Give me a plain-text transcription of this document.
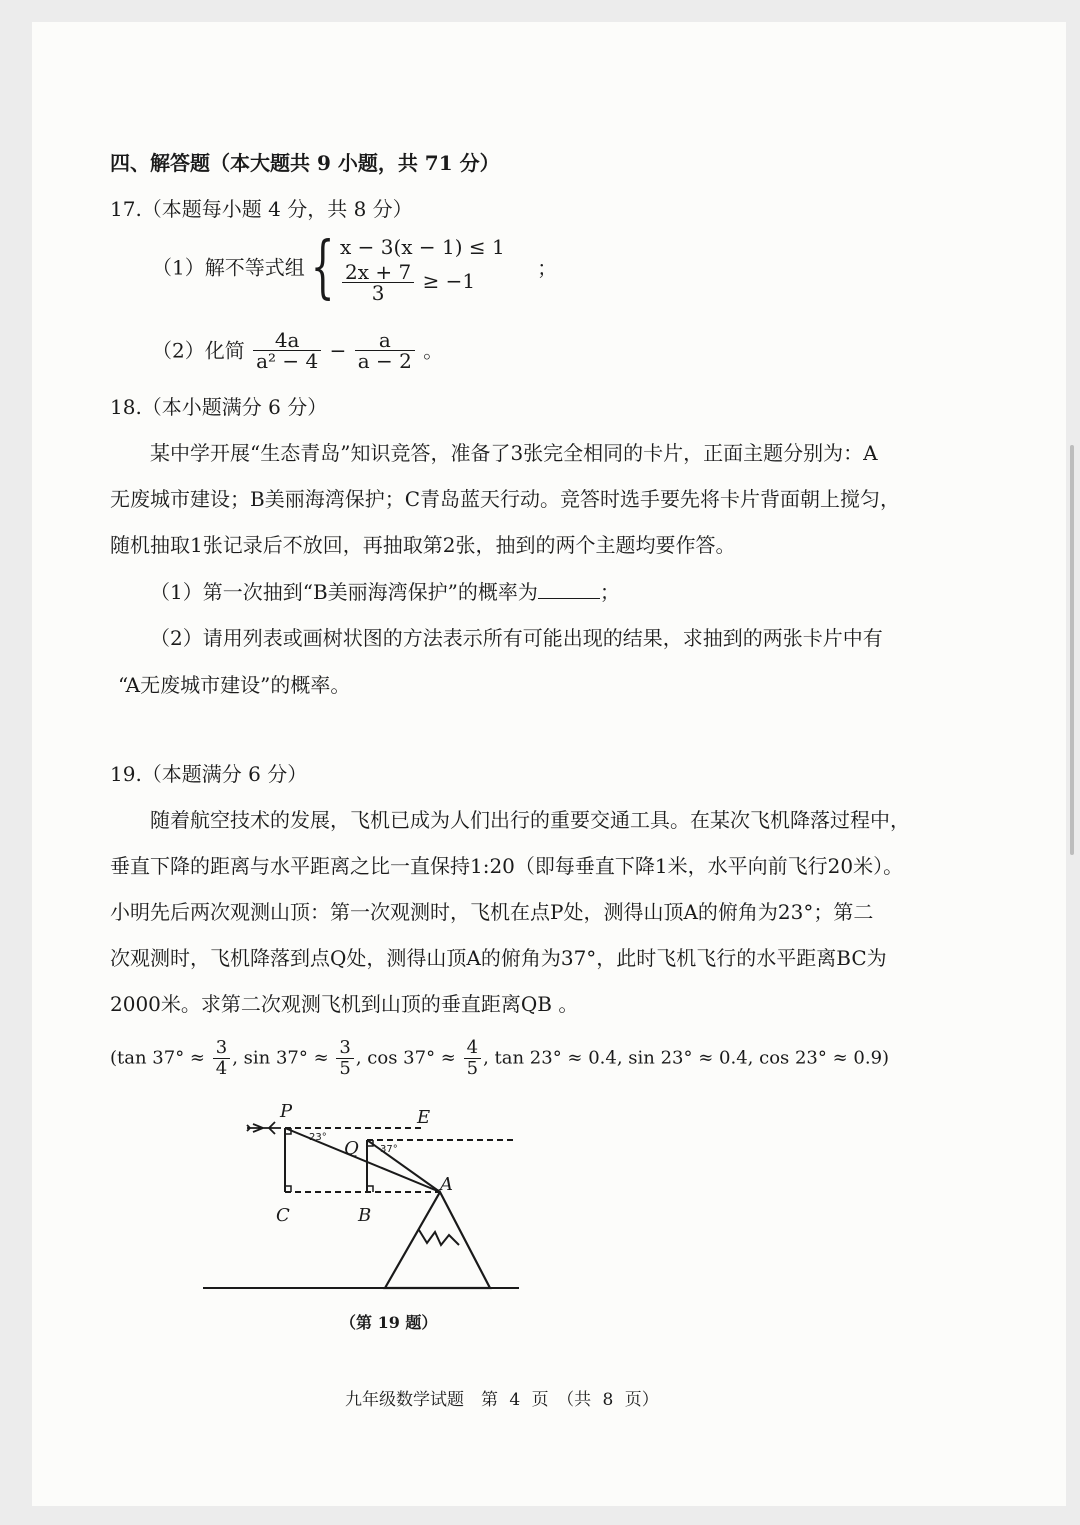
四、解答题（本大题共 9 小题，共 71 分）
17.（本题每小题 4 分，共 8 分）
（1）解不等式组{ x − 3(x − 1) ≤ 1
$\frac{2x + 7}{3} \ge -1$
；
（2）化简 $\frac{4a}{\text{a² − 4}} - \frac{a}{a - 2}$ 。
18.（本小题满分 6 分）
某中学开展“生态青岛”知识竞答，准备了3张完全相同的卡片，正面主题分别为：A
无废城市建设；B美丽海湾保护；C青岛蓝天行动。竞答时选手要先将卡片背面朝上搅匀，
随机抽取1张记录后不放回，再抽取第2张，抽到的两个主题均要作答。
（1）第一次抽到“B美丽海湾保护”的概率为	；
（2）请用列表或画树状图的方法表示所有可能出现的结果，求抽到的两张卡片中有
“A无废城市建设”的概率。
19.（本题满分 6 分）
随着航空技术的发展，飞机已成为人们出行的重要交通工具。在某次飞机降落过程中，
垂直下降的距离与水平距离之比一直保持1:20（即每垂直下降1米，水平向前飞行20米）。
小明先后两次观测山顶：第一次观测时，飞机在点P处，测得山顶A的俯角为23°；第二
次观测时，飞机降落到点Q处，测得山顶A的俯角为37°，此时飞机飞行的水平距离BC为
2000米。求第二次观测飞机到山顶的垂直距离QB 。
(tan $37^\circ \approx \frac{3}{4}$ , $\sin 37^\circ \approx \frac{3}{5}$ , $\cos 37^\circ \approx \frac{4}{5}$ , tan 23° ≈ 0.4, sin 23° ≈ 0.4, cos 23° ≈ 0.9)
P	E
Q
A
C	B
23°
37°
（第 19 题）
九年级数学试题　第 4 页　（共 8 页）
